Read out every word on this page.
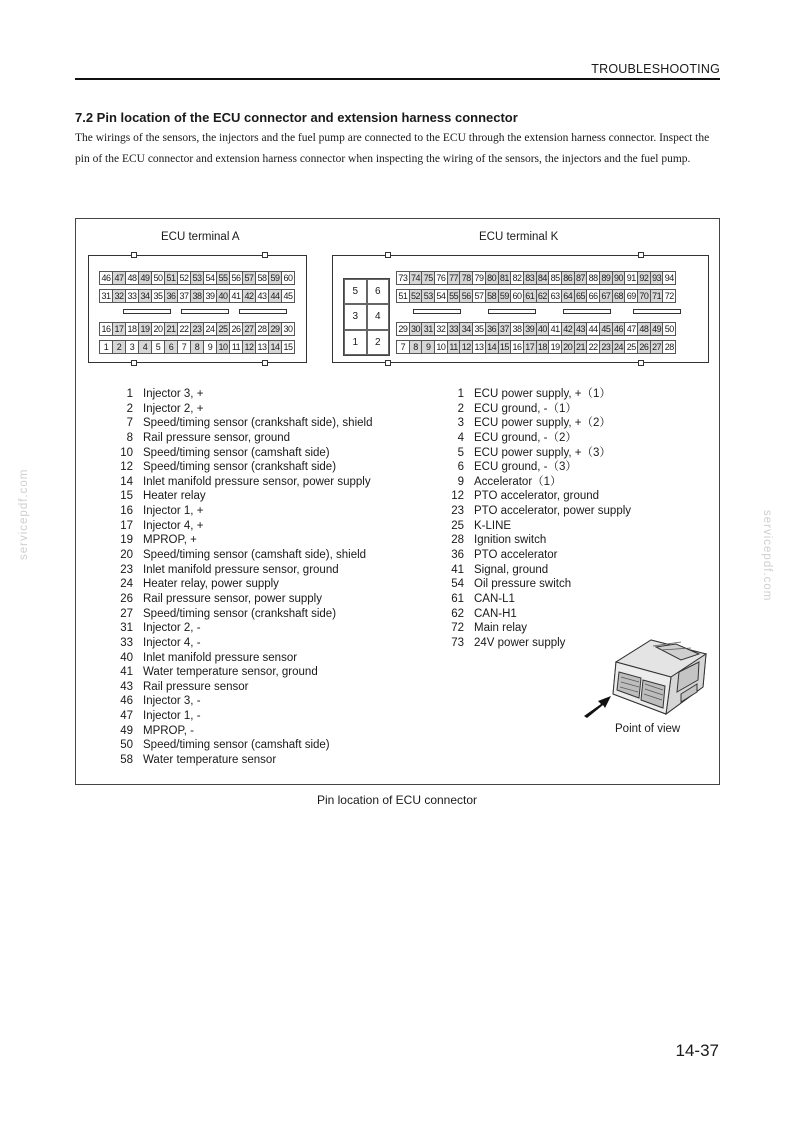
TROUBLESHOOTING
7.2 Pin location of the ECU connector and extension harness connector

The wirings of the sensors, the injectors and the fuel pump are connected to the ECU through the extension harness connector. Inspect the pin of the ECU connector and extension harness connector when inspecting the wiring of the sensors, the injectors and the fuel pump.

ECU terminal A	ECU terminal K
46 47 48 49 50 51 52 53 54 55 56 57 58 59 60
31 32 33 34 35 36 37 38 39 40 41 42 43 44 45
16 17 18 19 20 21 22 23 24 25 26 27 28 29 30
1 2 3 4 5 6 7 8 9 10 11 12 13 14 15
5	6
3	4
1	2
73 74 75 76 77 78 79 80 81 82 83 84 85 86 87 88 89 90 91 92 93 94
51 52 53 54 55 56 57 58 59 60 61 62 63 64 65 66 67 68 69 70 71 72
29 30 31 32 33 34 35 36 37 38 39 40 41 42 43 44 45 46 47 48 49 50
7 8 9 10 11 12 13 14 15 16 17 18 19 20 21 22 23 24 25 26 27 28
1 Injector 3, +
2 Injector 2, +
7 Speed/timing sensor (crankshaft side), shield
8 Rail pressure sensor, ground
10 Speed/timing sensor (camshaft side)
12 Speed/timing sensor (crankshaft side)
14 Inlet manifold pressure sensor, power supply
15 Heater relay
16 Injector 1, +
17 Injector 4, +
19 MPROP, +
20 Speed/timing sensor (camshaft side), shield
23 Inlet manifold pressure sensor, ground
24 Heater relay, power supply
26 Rail pressure sensor, power supply
27 Speed/timing sensor (crankshaft side)
31 Injector 2, -
33 Injector 4, -
40 Inlet manifold pressure sensor
41 Water temperature sensor, ground
43 Rail pressure sensor
46 Injector 3, -
47 Injector 1, -
49 MPROP, -
50 Speed/timing sensor (camshaft side)
58 Water temperature sensor
1 ECU power supply, +（1）
2 ECU ground, -（1）
3 ECU power supply, +（2）
4 ECU ground, -（2）
5 ECU power supply, +（3）
6 ECU ground, -（3）
9 Accelerator（1）
12 PTO accelerator, ground
23 PTO accelerator, power supply
25 K-LINE
28 Ignition switch
36 PTO accelerator
41 Signal, ground
54 Oil pressure switch
61 CAN-L1
62 CAN-H1
72 Main relay
73 24V power supply
Point of view
Pin location of ECU connector
servicepdf.com	servicepdf.com
14-37
